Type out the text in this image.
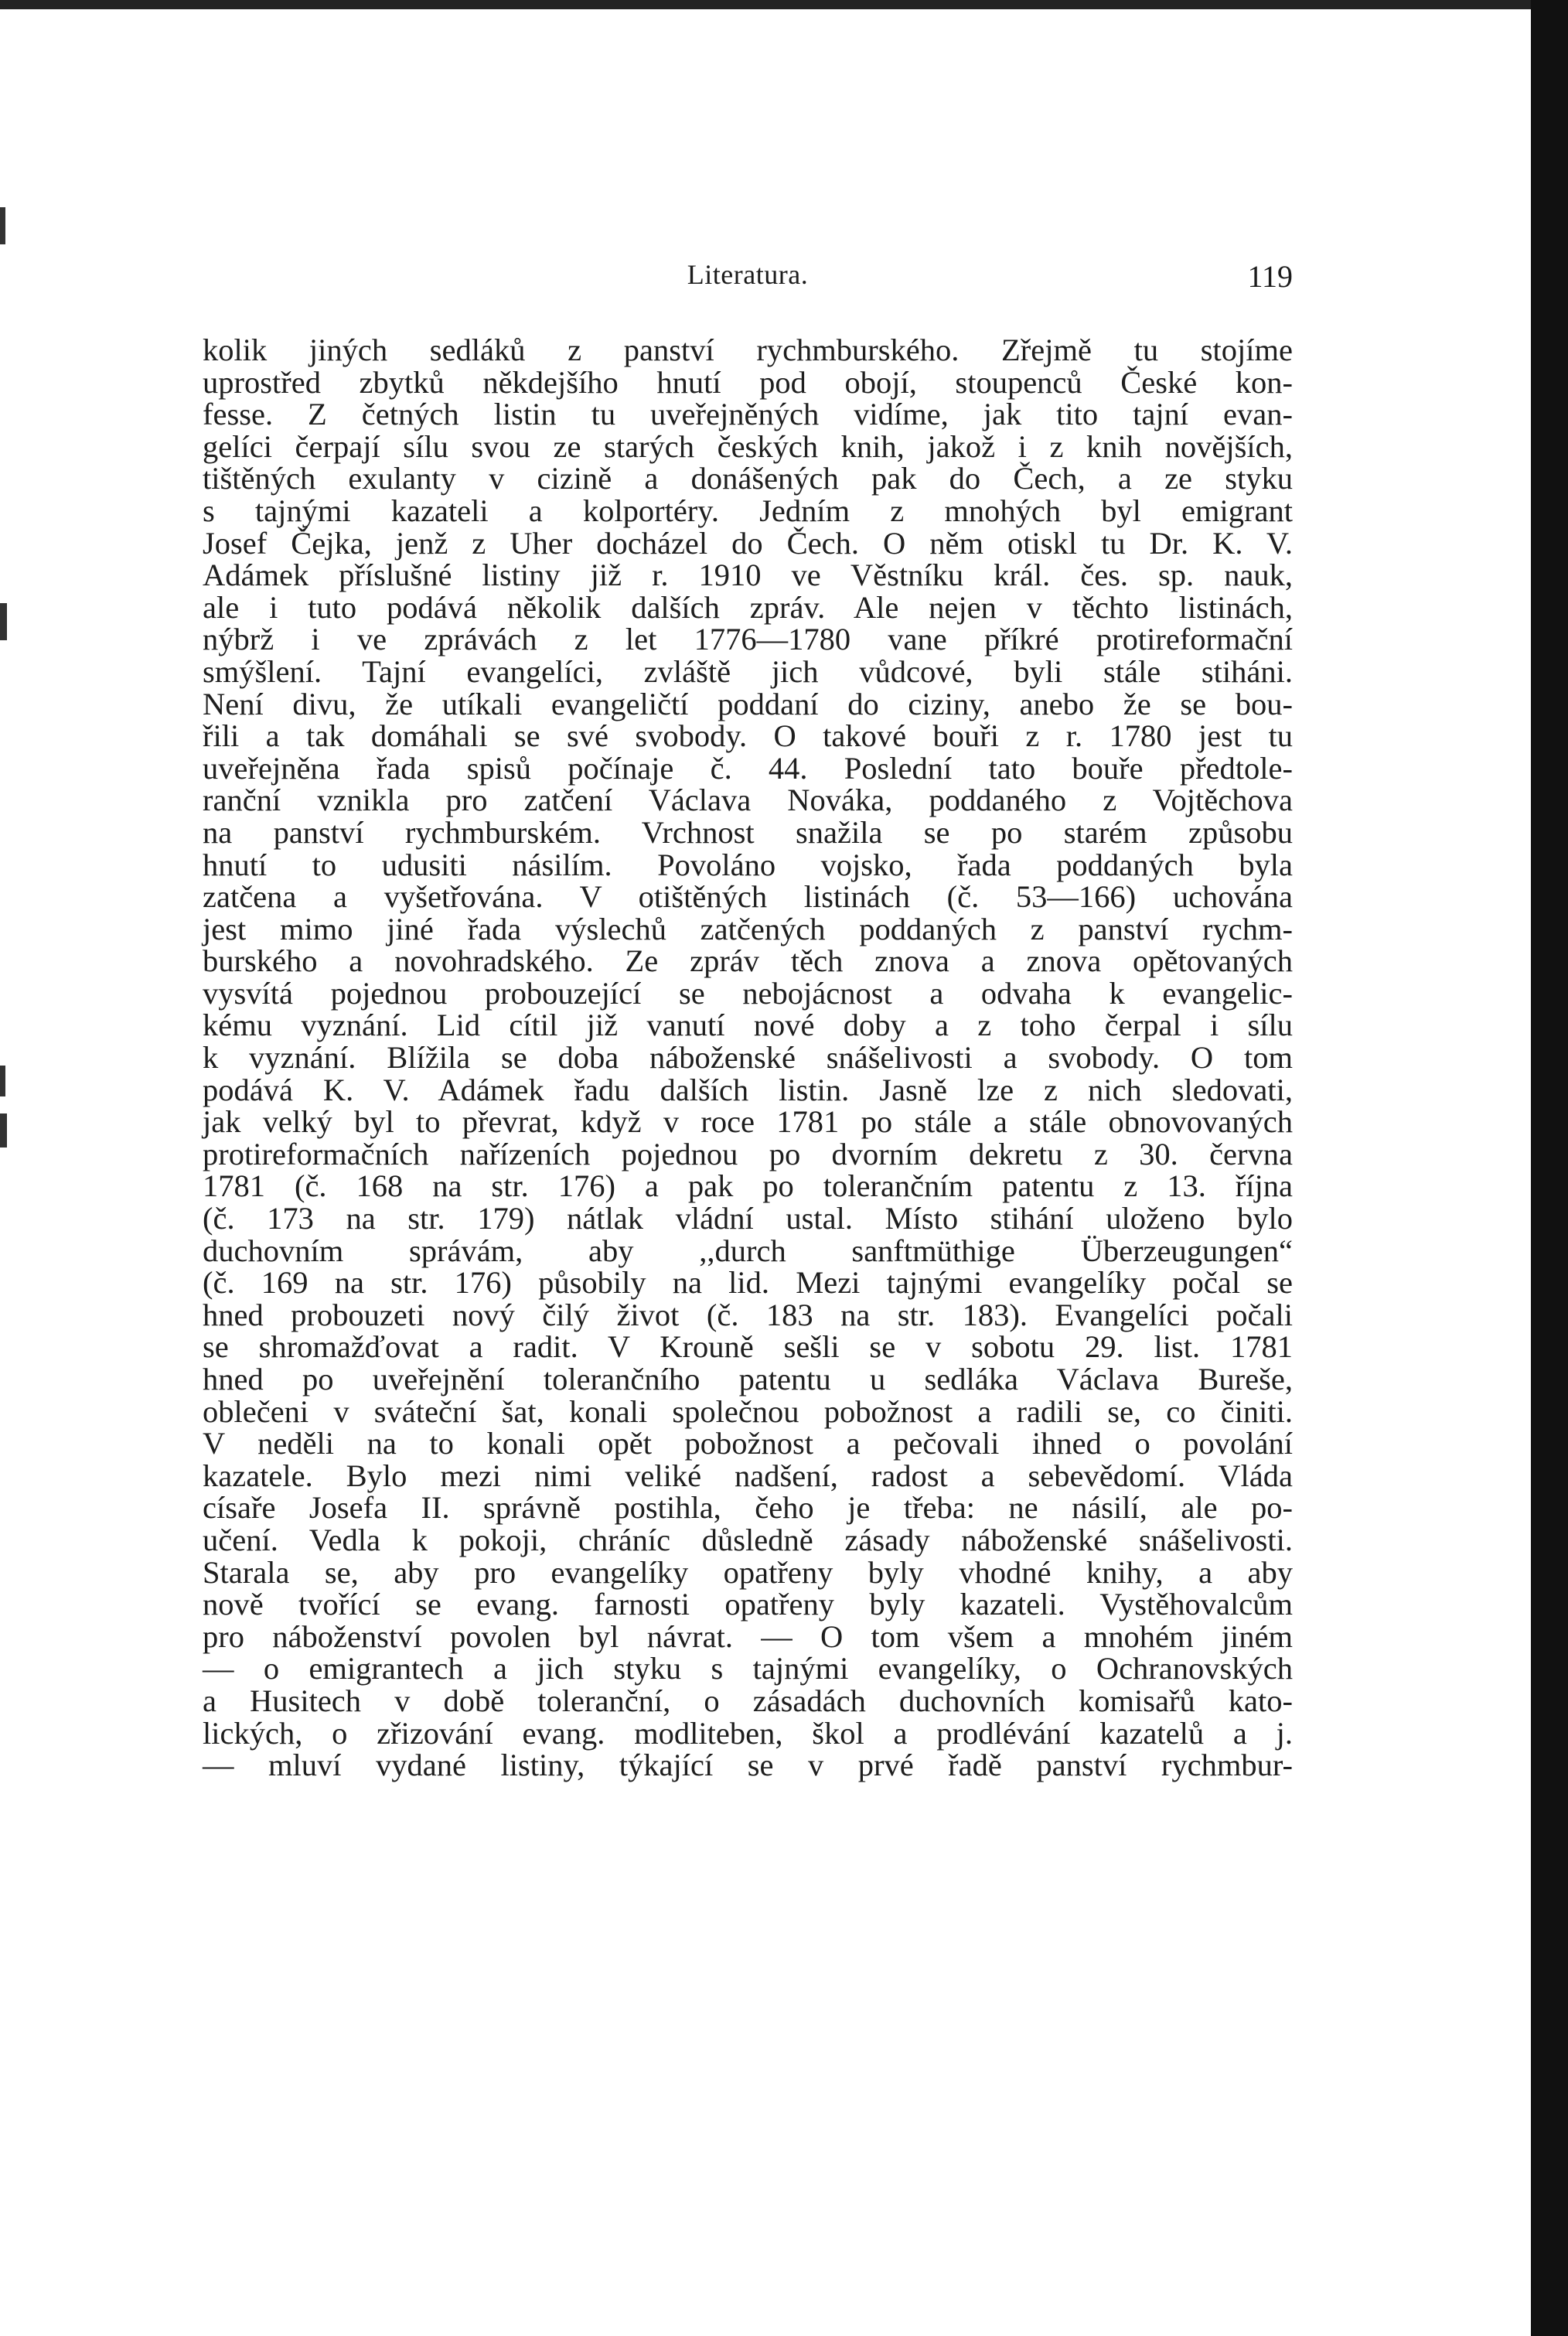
Literatura.	119
kolik jiných sedláků z panství rychmburského. Zřejmě tu stojíme
uprostřed zbytků někdejšího hnutí pod obojí, stoupenců České kon-
fesse. Z četných listin tu uveřejněných vidíme, jak tito tajní evan-
gelíci čerpají sílu svou ze starých českých knih, jakož i z knih novějších,
tištěných exulanty v cizině a donášených pak do Čech, a ze styku
s tajnými kazateli a kolportéry. Jedním z mnohých byl emigrant
Josef Čejka, jenž z Uher docházel do Čech. O něm otiskl tu Dr. K. V.
Adámek příslušné listiny již r. 1910 ve Věstníku král. čes. sp. nauk,
ale i tuto podává několik dalších zpráv. Ale nejen v těchto listinách,
nýbrž i ve zprávách z let 1776—1780 vane příkré protireformační
smýšlení. Tajní evangelíci, zvláště jich vůdcové, byli stále stiháni.
Není divu, že utíkali evangeličtí poddaní do ciziny, anebo že se bou-
řili a tak domáhali se své svobody. O takové bouři z r. 1780 jest tu
uveřejněna řada spisů počínaje č. 44. Poslední tato bouře předtole-
ranční vznikla pro zatčení Václava Nováka, poddaného z Vojtěchova
na panství rychmburském. Vrchnost snažila se po starém způsobu
hnutí to udusiti násilím. Povoláno vojsko, řada poddaných byla
zatčena a vyšetřována. V otištěných listinách (č. 53—166) uchována
jest mimo jiné řada výslechů zatčených poddaných z panství rychm-
burského a novohradského. Ze zpráv těch znova a znova opětovaných
vysvítá pojednou probouzející se nebojácnost a odvaha k evangelic-
kému vyznání. Lid cítil již vanutí nové doby a z toho čerpal i sílu
k vyznání. Blížila se doba náboženské snášelivosti a svobody. O tom
podává K. V. Adámek řadu dalších listin. Jasně lze z nich sledovati,
jak velký byl to převrat, když v roce 1781 po stále a stále obnovovaných
protireformačních nařízeních pojednou po dvorním dekretu z 30. června
1781 (č. 168 na str. 176) a pak po tolerančním patentu z 13. října
(č. 173 na str. 179) nátlak vládní ustal. Místo stihání uloženo bylo
duchovním správám, aby ,,durch sanftmüthige Überzeugungen“
(č. 169 na str. 176) působily na lid. Mezi tajnými evangelíky počal se
hned probouzeti nový čilý život (č. 183 na str. 183). Evangelíci počali
se shromažďovat a radit. V Krouně sešli se v sobotu 29. list. 1781
hned po uveřejnění tolerančního patentu u sedláka Václava Bureše,
oblečeni v sváteční šat, konali společnou pobožnost a radili se, co činiti.
V neděli na to konali opět pobožnost a pečovali ihned o povolání
kazatele. Bylo mezi nimi veliké nadšení, radost a sebevědomí. Vláda
císaře Josefa II. správně postihla, čeho je třeba: ne násilí, ale po-
učení. Vedla k pokoji, chráníc důsledně zásady náboženské snášelivosti.
Starala se, aby pro evangelíky opatřeny byly vhodné knihy, a aby
nově tvořící se evang. farnosti opatřeny byly kazateli. Vystěhovalcům
pro náboženství povolen byl návrat. — O tom všem a mnohém jiném
— o emigrantech a jich styku s tajnými evangelíky, o Ochranovských
a Husitech v době toleranční, o zásadách duchovních komisařů kato-
lických, o zřizování evang. modliteben, škol a prodlévání kazatelů a j.
— mluví vydané listiny, týkající se v prvé řadě panství rychmbur-
